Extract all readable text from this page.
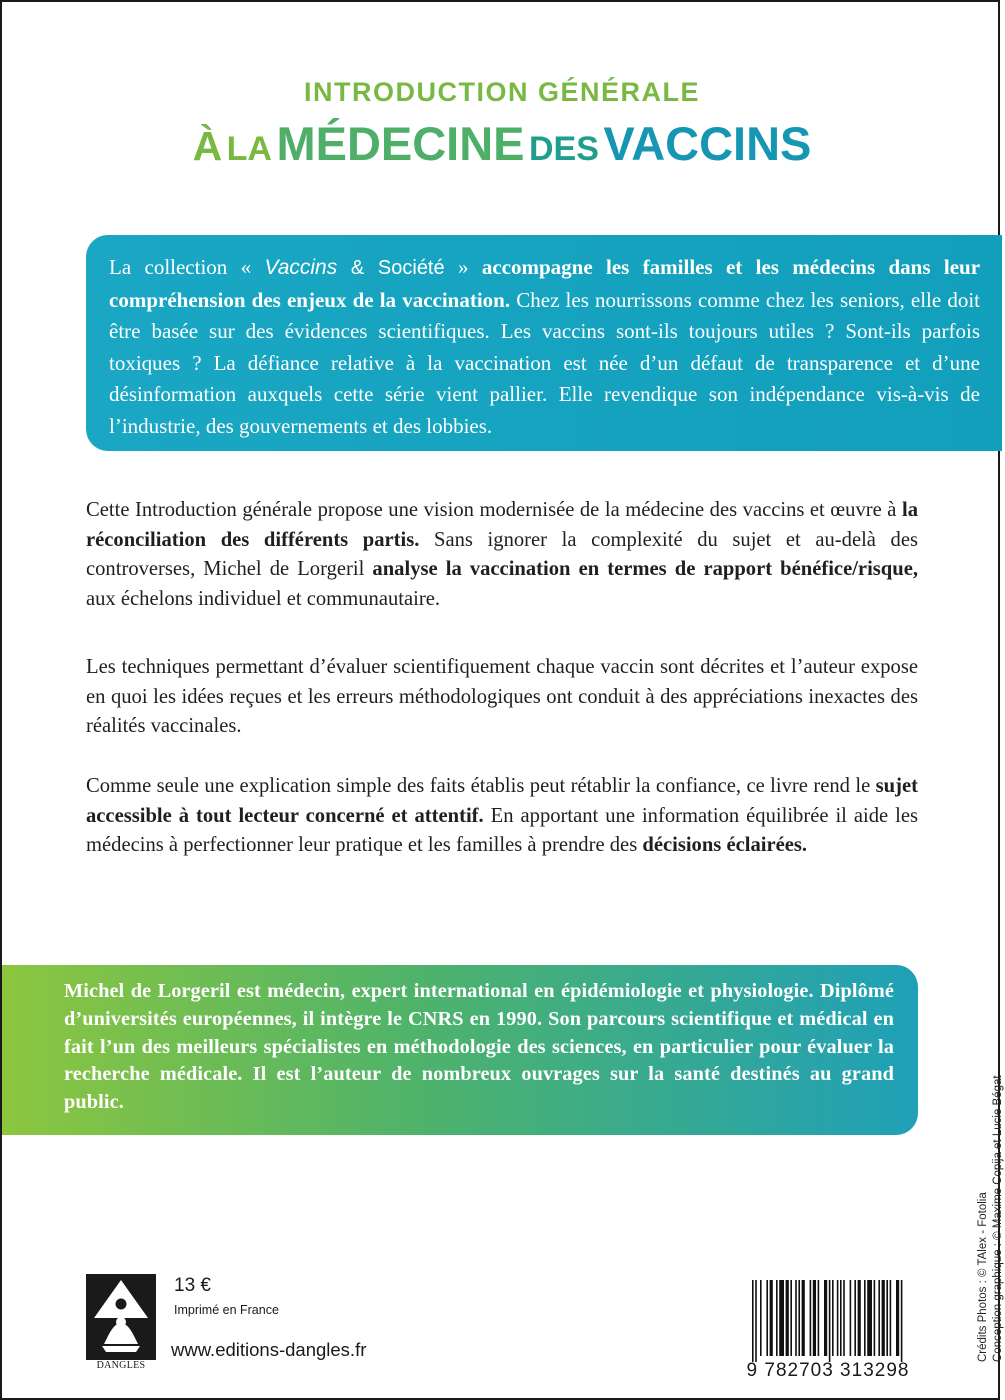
INTRODUCTION GÉNÉRALE
À LA MÉDECINE DES VACCINS
La collection « Vaccins & Société » accompagne les familles et les médecins dans leur compréhension des enjeux de la vaccination. Chez les nourrissons comme chez les seniors, elle doit être basée sur des évidences scientifiques. Les vaccins sont-ils toujours utiles ? Sont-ils parfois toxiques ? La défiance relative à la vaccination est née d’un défaut de transparence et d’une désinformation auxquels cette série vient pallier. Elle revendique son indépendance vis-à-vis de l’industrie, des gouvernements et des lobbies.
Cette Introduction générale propose une vision modernisée de la médecine des vaccins et œuvre à la réconciliation des différents partis. Sans ignorer la complexité du sujet et au-delà des controverses, Michel de Lorgeril analyse la vaccination en termes de rapport bénéfice/risque, aux échelons individuel et communautaire.
Les techniques permettant d’évaluer scientifiquement chaque vaccin sont décrites et l’auteur expose en quoi les idées reçues et les erreurs méthodologiques ont conduit à des appréciations inexactes des réalités vaccinales.
Comme seule une explication simple des faits établis peut rétablir la confiance, ce livre rend le sujet accessible à tout lecteur concerné et attentif. En apportant une information équilibrée il aide les médecins à perfectionner leur pratique et les familles à prendre des décisions éclairées.
Michel de Lorgeril est médecin, expert international en épidémiologie et physiologie. Diplômé d’universités européennes, il intègre le CNRS en 1990. Son parcours scientifique et médical en fait l’un des meilleurs spécialistes en méthodologie des sciences, en particulier pour évaluer la recherche médicale. Il est l’auteur de nombreux ouvrages sur la santé destinés au grand public.
Crédits Photos : © TAlex - Fotolia Conception graphique : © Maxime Copija et Lucie Bégat
DANGLES
13 €
Imprimé en France
www.editions-dangles.fr
9 782703 313298
